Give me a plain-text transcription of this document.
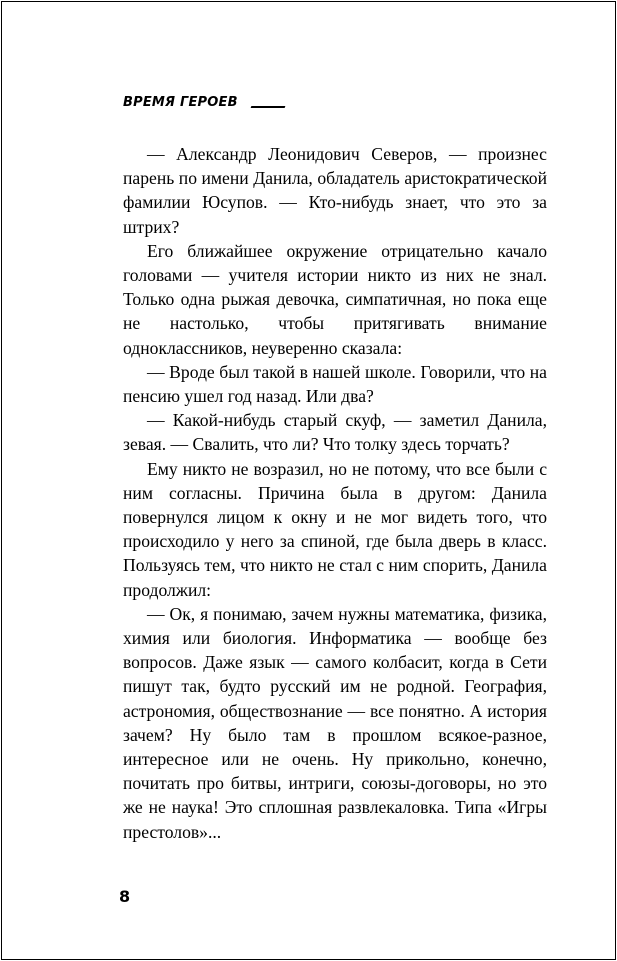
ВРЕМЯ ГЕРОЕВ

— Александр Леонидович Северов, — произнес парень по имени Данила, обладатель аристократической фамилии Юсупов. — Кто-нибудь знает, что это за штрих?

Его ближайшее окружение отрицательно качало головами — учителя истории никто из них не знал. Только одна рыжая девочка, симпатичная, но пока еще не настолько, чтобы притягивать внимание одноклассников, неуверенно сказала:

— Вроде был такой в нашей школе. Говорили, что на пенсию ушел год назад. Или два?

— Какой-нибудь старый скуф, — заметил Данила, зевая. — Свалить, что ли? Что толку здесь торчать?

Ему никто не возразил, но не потому, что все были с ним согласны. Причина была в другом: Данила повернулся лицом к окну и не мог видеть того, что происходило у него за спиной, где была дверь в класс. Пользуясь тем, что никто не стал с ним спорить, Данила продолжил:

— Ок, я понимаю, зачем нужны математика, физика, химия или биология. Информатика — вообще без вопросов. Даже язык — самого колбасит, когда в Сети пишут так, будто русский им не родной. География, астрономия, обществознание — все понятно. А история зачем? Ну было там в прошлом всякое-разное, интересное или не очень. Ну прикольно, конечно, почитать про битвы, интриги, союзы-договоры, но это же не наука! Это сплошная развлекаловка. Типа «Игры престолов»...

8
